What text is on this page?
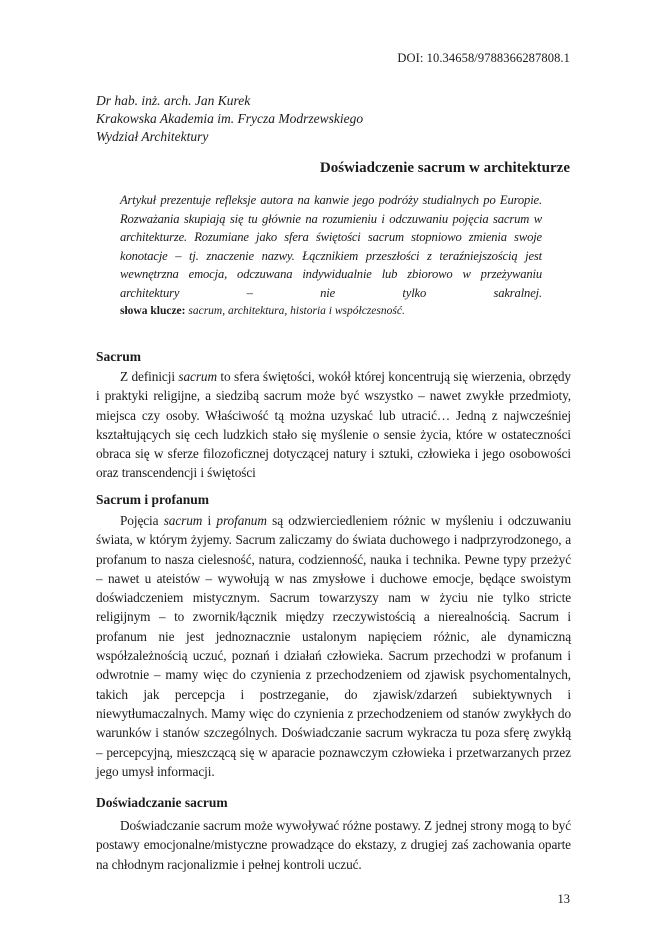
DOI: 10.34658/9788366287808.1
Dr hab. inż. arch. Jan Kurek
Krakowska Akademia im. Frycza Modrzewskiego
Wydział Architektury
Doświadczenie sacrum w architekturze
Artykuł prezentuje refleksje autora na kanwie jego podróży studialnych po Europie. Rozważania skupiają się tu głównie na rozumieniu i odczuwaniu pojęcia sacrum w architekturze. Rozumiane jako sfera świętości sacrum stopniowo zmienia swoje konotacje – tj. znaczenie nazwy. Łącznikiem przeszłości z teraźniejszością jest wewnętrzna emocja, odczuwana indywidualnie lub zbiorowo w przeżywaniu architektury – nie tylko sakralnej.
słowa klucze: sacrum, architektura, historia i współczesność.
Sacrum

Z definicji sacrum to sfera świętości, wokół której koncentrują się wierzenia, obrzędy i praktyki religijne, a siedzibą sacrum może być wszystko – nawet zwykłe przedmioty, miejsca czy osoby. Właściwość tą można uzyskać lub utracić… Jedną z najwcześniej kształtujących się cech ludzkich stało się myślenie o sensie życia, które w ostateczności obraca się w sferze filozoficznej dotyczącej natury i sztuki, człowieka i jego osobowości oraz transcendencji i świętości

Sacrum i profanum

Pojęcia sacrum i profanum są odzwierciedleniem różnic w myśleniu i odczuwaniu świata, w którym żyjemy. Sacrum zaliczamy do świata duchowego i nadprzyrodzonego, a profanum to nasza cielesność, natura, codzienność, nauka i technika. Pewne typy przeżyć – nawet u ateistów – wywołują w nas zmysłowe i duchowe emocje, będące swoistym doświadczeniem mistycznym. Sacrum towarzyszy nam w życiu nie tylko stricte religijnym – to zwornik/łącznik między rzeczywistością a nierealnością. Sacrum i profanum nie jest jednoznacznie ustalonym napięciem różnic, ale dynamiczną współzależnością uczuć, poznań i działań człowieka. Sacrum przechodzi w profanum i odwrotnie – mamy więc do czynienia z przechodzeniem od zjawisk psychomentalnych, takich jak percepcja i postrzeganie, do zjawisk/zdarzeń subiektywnych i niewytłumaczalnych. Mamy więc do czynienia z przechodzeniem od stanów zwykłych do warunków i stanów szczególnych. Doświadczanie sacrum wykracza tu poza sferę zwykłą – percepcyjną, mieszczącą się w aparacie poznawczym człowieka i przetwarzanych przez jego umysł informacji.

Doświadczanie sacrum

Doświadczanie sacrum może wywoływać różne postawy. Z jednej strony mogą to być postawy emocjonalne/mistyczne prowadzące do ekstazy, z drugiej zaś zachowania oparte na chłodnym racjonalizmie i pełnej kontroli uczuć.

13
